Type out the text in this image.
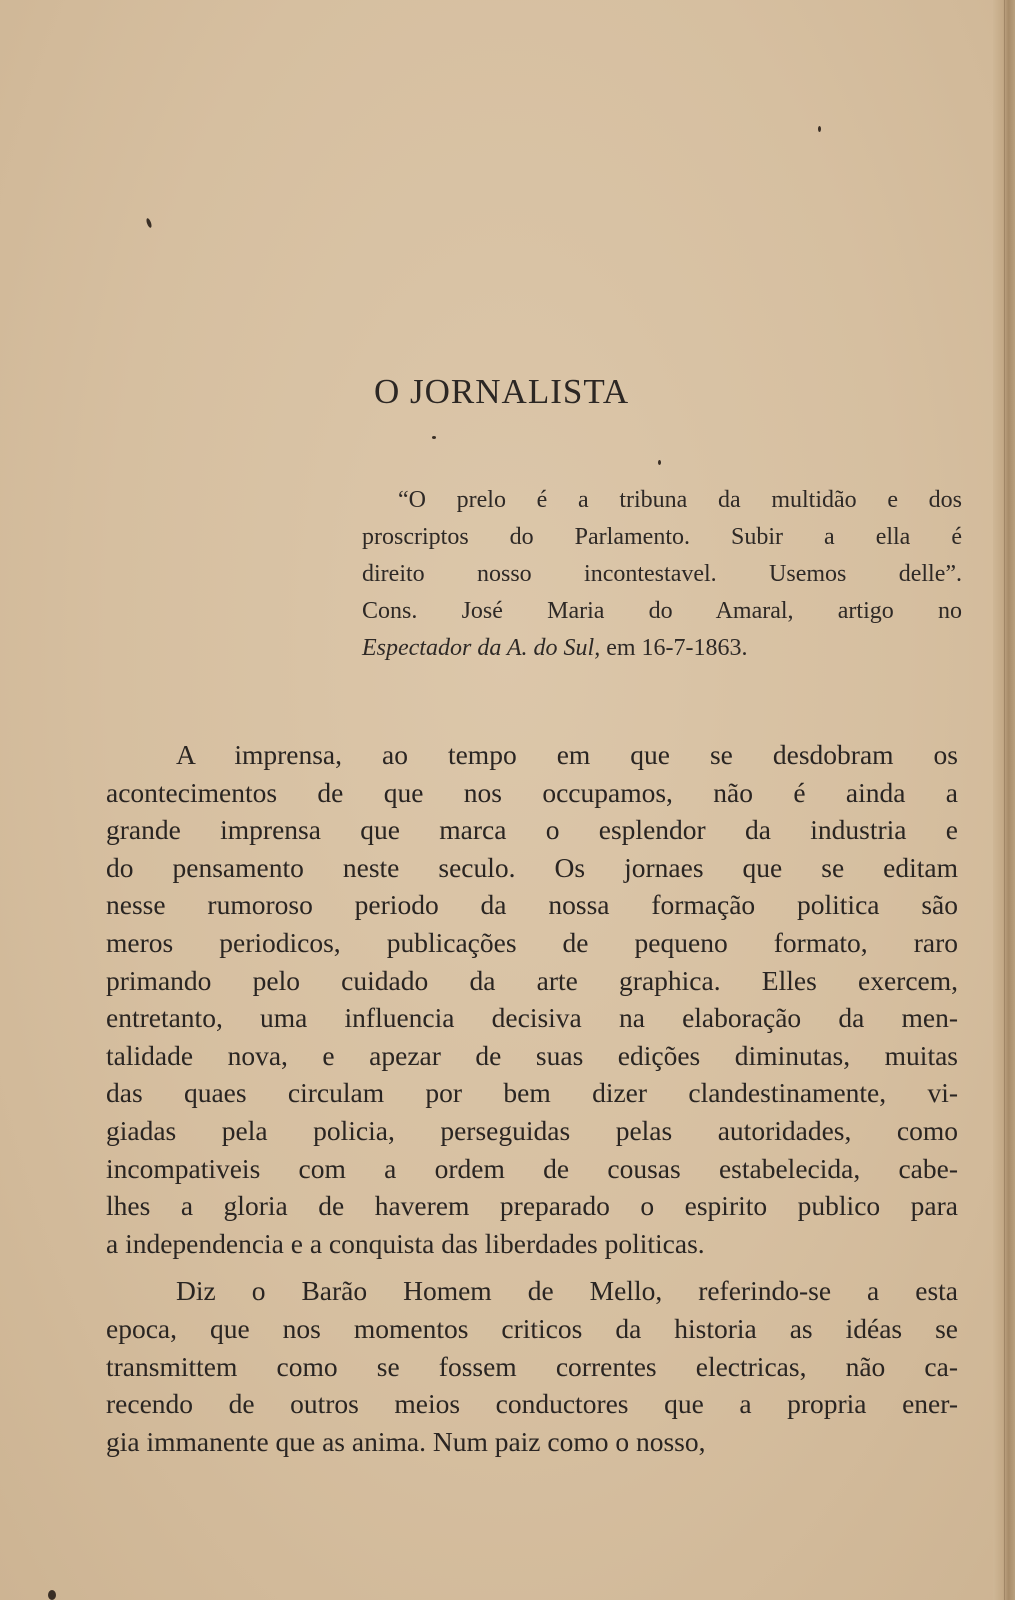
O JORNALISTA
“O prelo é a tribuna da multidão e dos
proscriptos do Parlamento. Subir a ella é
direito nosso incontestavel. Usemos delle”.
Cons. José Maria do Amaral, artigo no
Espectador da A. do Sul, em 16-7-1863.

A imprensa, ao tempo em que se desdobram os
acontecimentos de que nos occupamos, não é ainda a
grande imprensa que marca o esplendor da industria e
do pensamento neste seculo. Os jornaes que se editam
nesse rumoroso periodo da nossa formação politica são
meros periodicos, publicações de pequeno formato, raro
primando pelo cuidado da arte graphica. Elles exercem,
entretanto, uma influencia decisiva na elaboração da men-
talidade nova, e apezar de suas edições diminutas, muitas
das quaes circulam por bem dizer clandestinamente, vi-
giadas pela policia, perseguidas pelas autoridades, como
incompativeis com a ordem de cousas estabelecida, cabe-
lhes a gloria de haverem preparado o espirito publico para
a independencia e a conquista das liberdades politicas.

Diz o Barão Homem de Mello, referindo-se a esta
epoca, que nos momentos criticos da historia as idéas se
transmittem como se fossem correntes electricas, não ca-
recendo de outros meios conductores que a propria ener-
gia immanente que as anima. Num paiz como o nosso,
